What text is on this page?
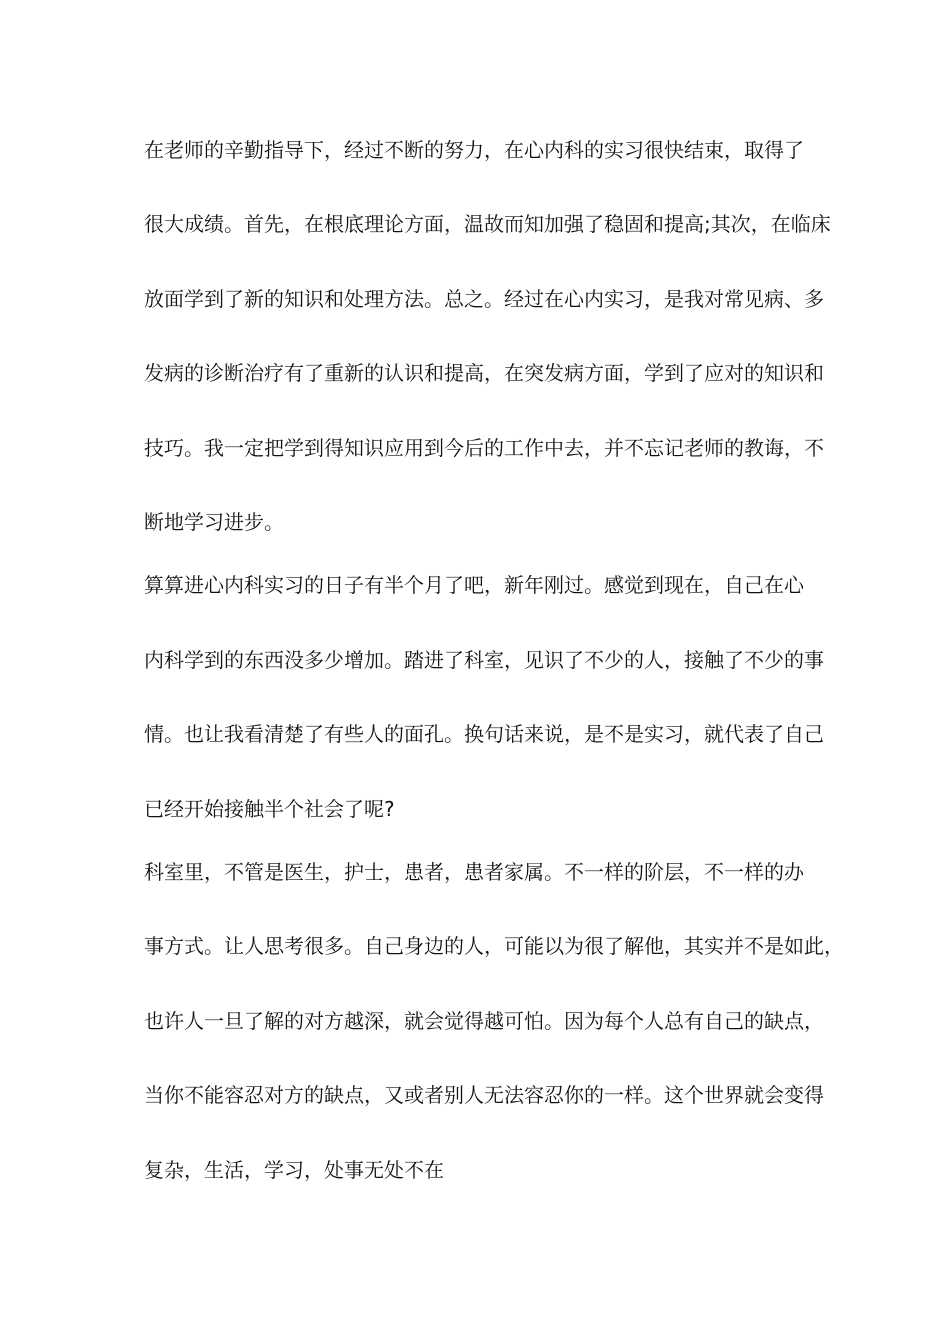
在老师的辛勤指导下，经过不断的努力，在心内科的实习很快结束，取得了
很大成绩。首先，在根底理论方面，温故而知加强了稳固和提高;其次，在临床
放面学到了新的知识和处理方法。总之。经过在心内实习，是我对常见病、多
发病的诊断治疗有了重新的认识和提高，在突发病方面，学到了应对的知识和
技巧。我一定把学到得知识应用到今后的工作中去，并不忘记老师的教诲，不
断地学习进步。
算算进心内科实习的日子有半个月了吧，新年刚过。感觉到现在，自己在心
内科学到的东西没多少增加。踏进了科室，见识了不少的人，接触了不少的事
情。也让我看清楚了有些人的面孔。换句话来说，是不是实习，就代表了自己
已经开始接触半个社会了呢?
科室里，不管是医生，护士，患者，患者家属。不一样的阶层，不一样的办
事方式。让人思考很多。自己身边的人，可能以为很了解他，其实并不是如此，
也许人一旦了解的对方越深，就会觉得越可怕。因为每个人总有自己的缺点，
当你不能容忍对方的缺点，又或者别人无法容忍你的一样。这个世界就会变得
复杂，生活，学习，处事无处不在
